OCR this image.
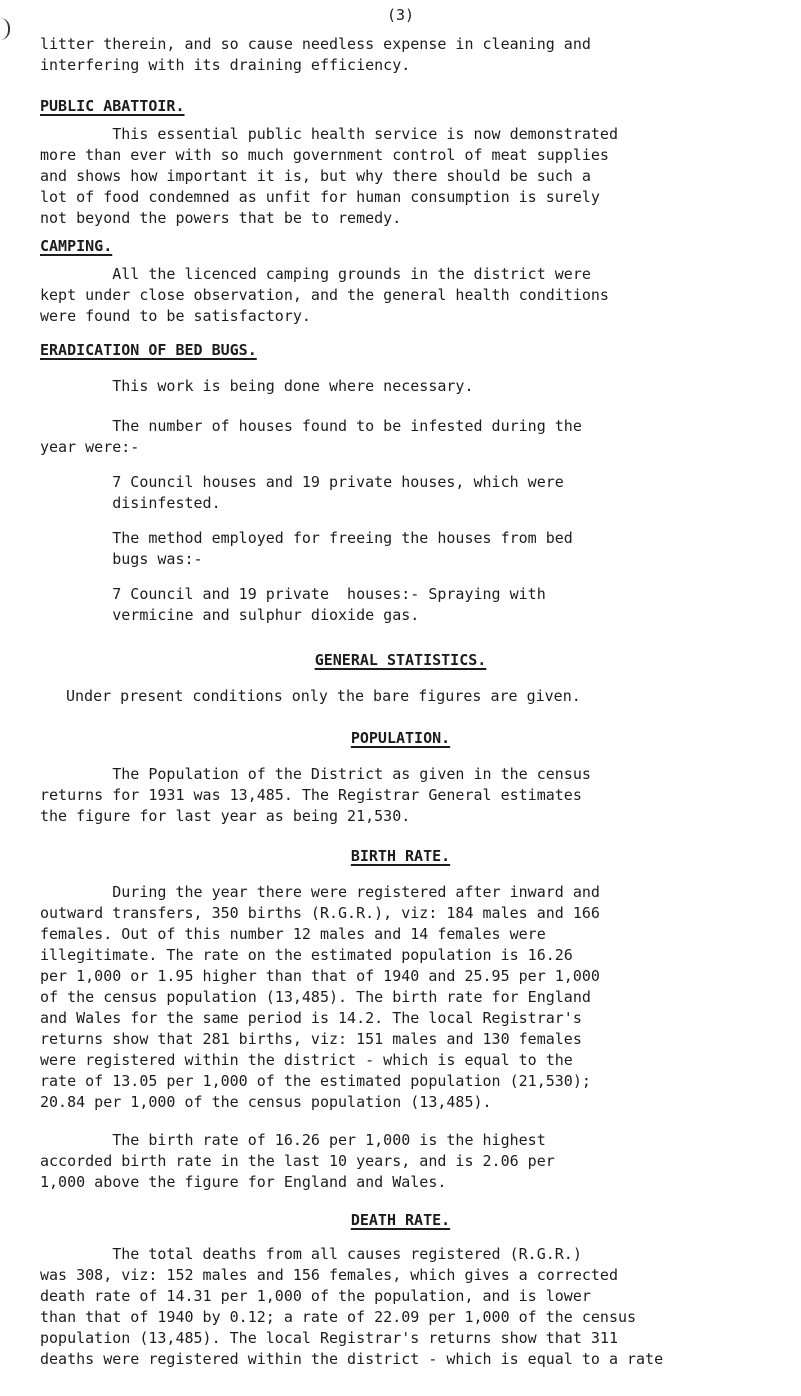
(3)
litter therein, and so cause needless expense in cleaning and
interfering with its draining efficiency.
PUBLIC ABATTOIR.
This essential public health service is now demonstrated
more than ever with so much government control of meat supplies
and shows how important it is, but why there should be such a
lot of food condemned as unfit for human consumption is surely
not beyond the powers that be to remedy.
CAMPING.
All the licenced camping grounds in the district were
kept under close observation, and the general health conditions
were found to be satisfactory.
ERADICATION OF BED BUGS.
This work is being done where necessary.
The number of houses found to be infested during the
year were:-
7 Council houses and 19 private houses, which were
disinfested.
The method employed for freeing the houses from bed
bugs was:-
7 Council and 19 private  houses:- Spraying with
vermicine and sulphur dioxide gas.
GENERAL STATISTICS.
Under present conditions only the bare figures are given.
POPULATION.
The Population of the District as given in the census
returns for 1931 was 13,485. The Registrar General estimates
the figure for last year as being 21,530.
BIRTH RATE.
During the year there were registered after inward and
outward transfers, 350 births (R.G.R.), viz: 184 males and 166
females. Out of this number 12 males and 14 females were
illegitimate. The rate on the estimated population is 16.26
per 1,000 or 1.95 higher than that of 1940 and 25.95 per 1,000
of the census population (13,485). The birth rate for England
and Wales for the same period is 14.2. The local Registrar's
returns show that 281 births, viz: 151 males and 130 females
were registered within the district - which is equal to the
rate of 13.05 per 1,000 of the estimated population (21,530);
20.84 per 1,000 of the census population (13,485).
The birth rate of 16.26 per 1,000 is the highest
accorded birth rate in the last 10 years, and is 2.06 per
1,000 above the figure for England and Wales.
DEATH RATE.
The total deaths from all causes registered (R.G.R.)
was 308, viz: 152 males and 156 females, which gives a corrected
death rate of 14.31 per 1,000 of the population, and is lower
than that of 1940 by 0.12; a rate of 22.09 per 1,000 of the census
population (13,485). The local Registrar's returns show that 311
deaths were registered within the district - which is equal to a rate
